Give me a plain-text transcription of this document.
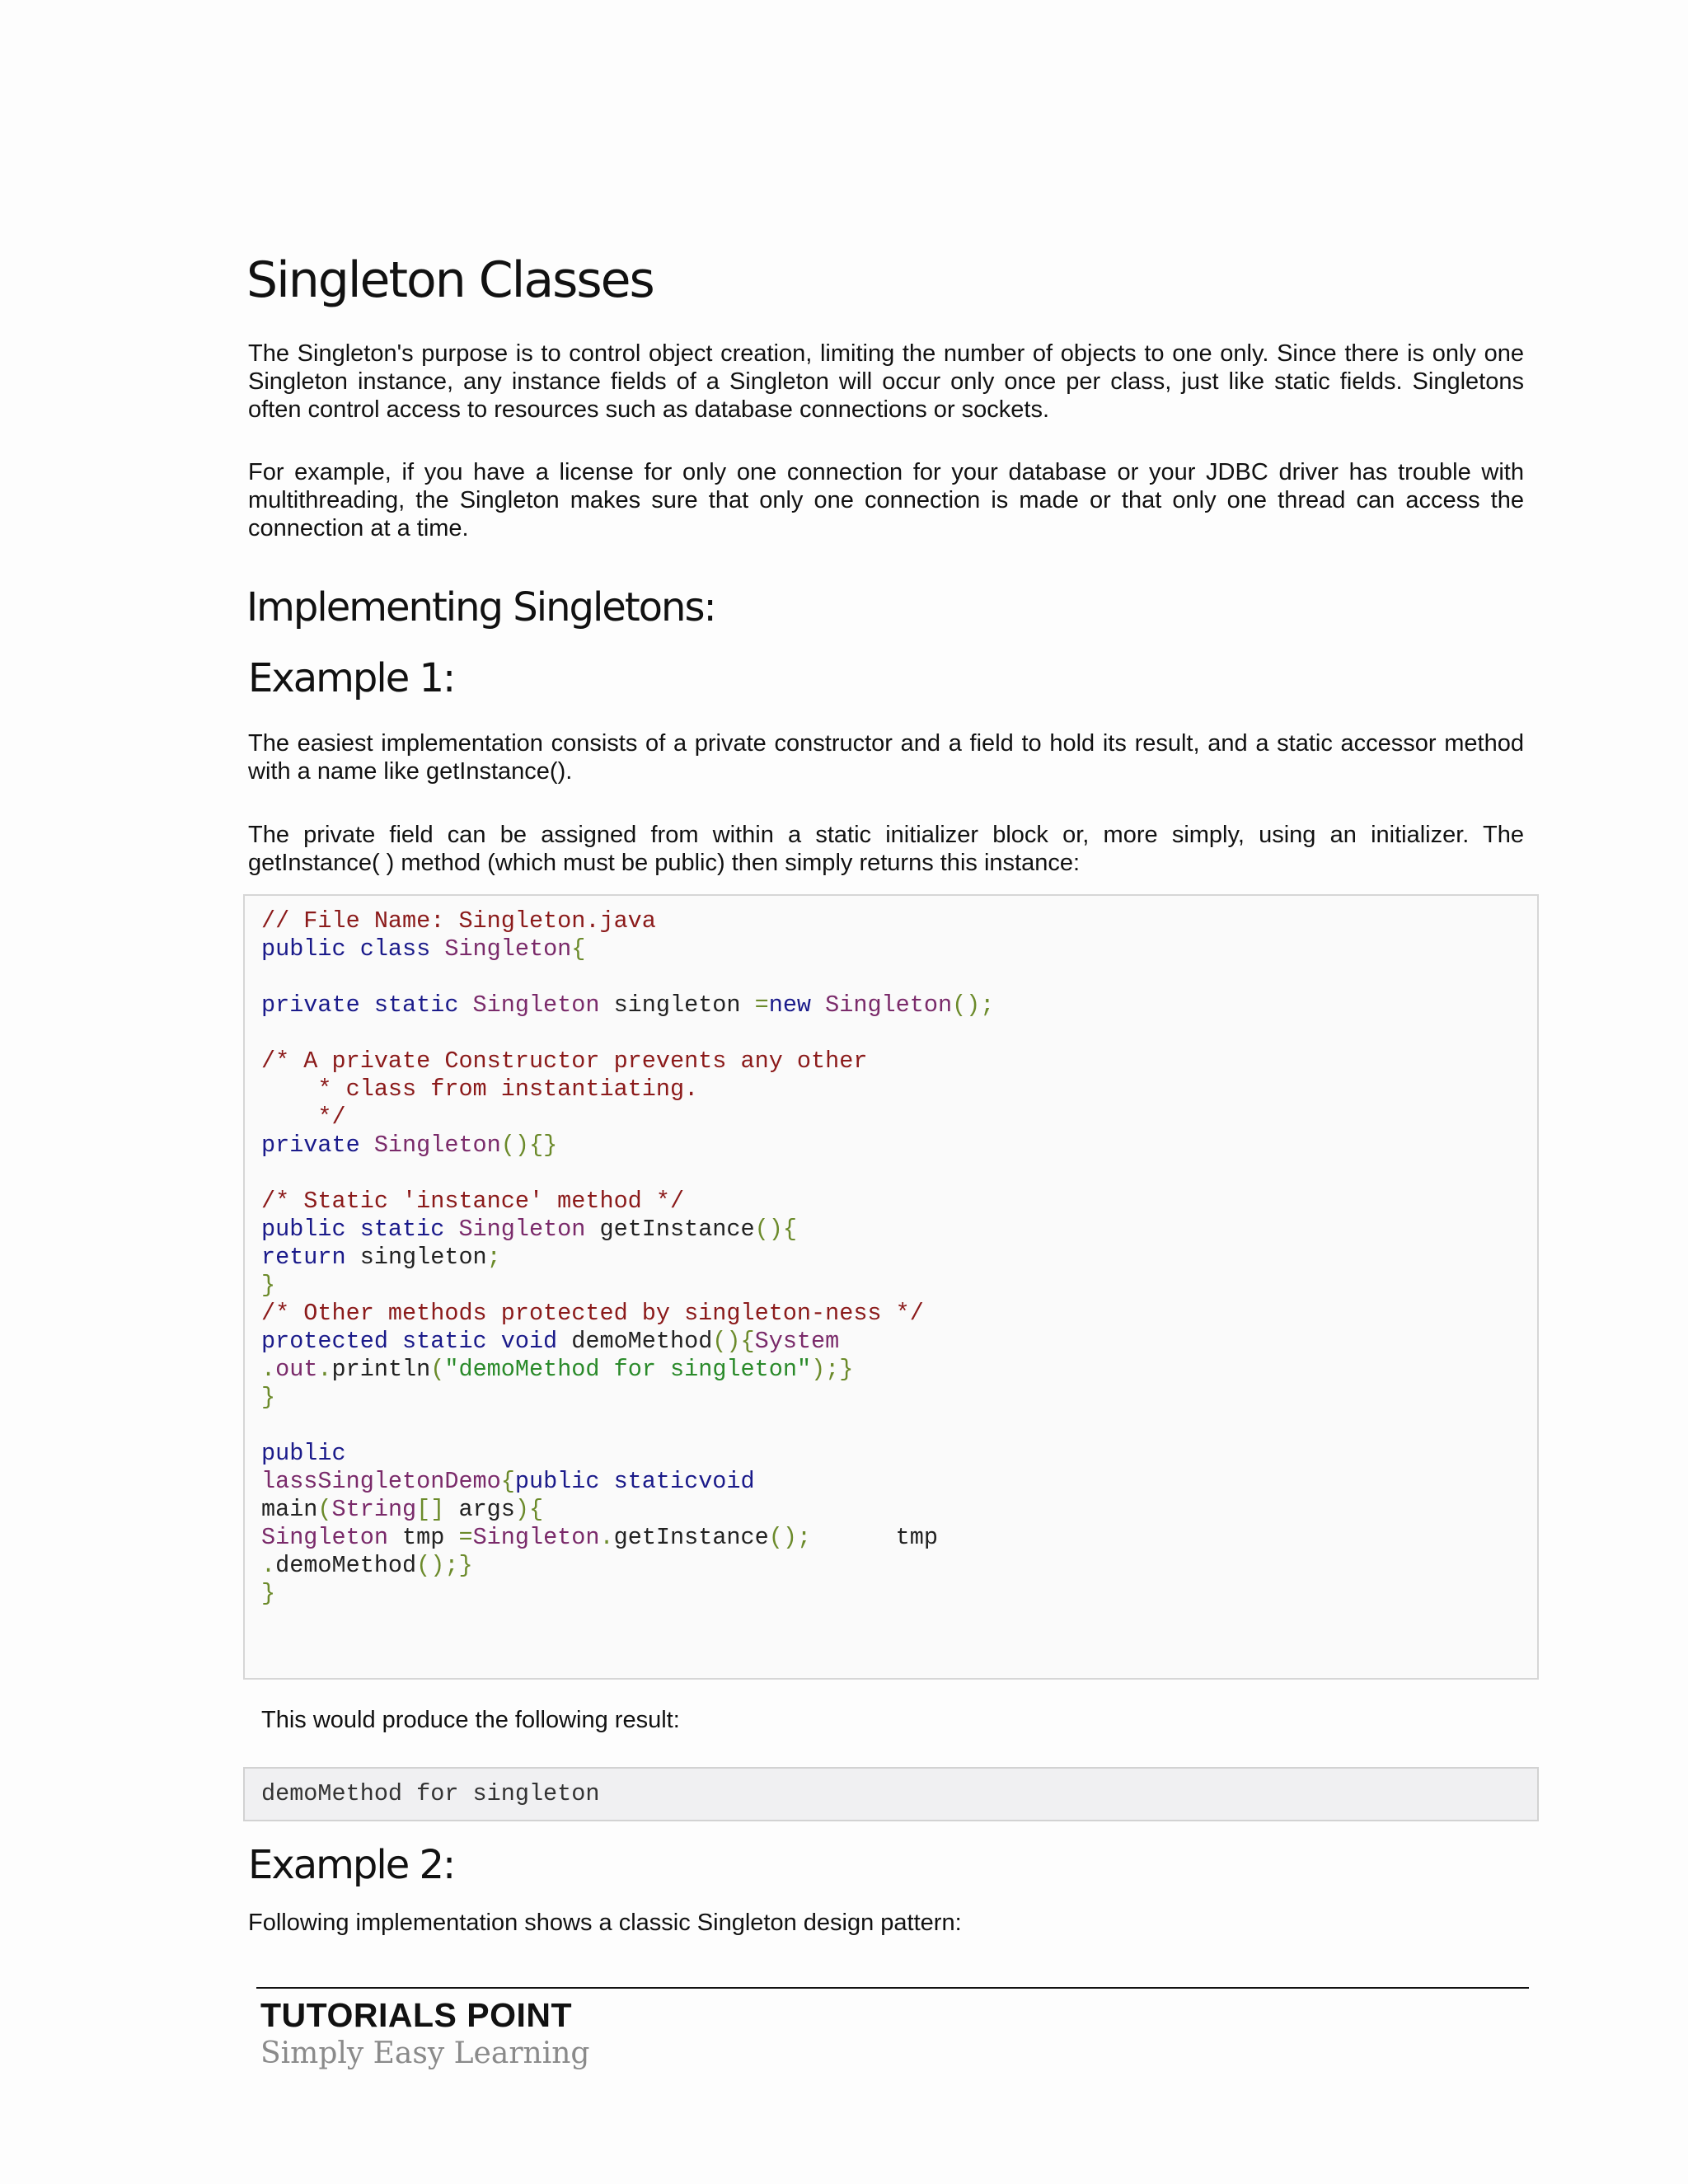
Singleton Classes

The Singleton's purpose is to control object creation, limiting the number of objects to one only. Since there is only one Singleton instance, any instance fields of a Singleton will occur only once per class, just like static fields. Singletons often control access to resources such as database connections or sockets.

For example, if you have a license for only one connection for your database or your JDBC driver has trouble with multithreading, the Singleton makes sure that only one connection is made or that only one thread can access the connection at a time.

Implementing Singletons:
Example 1:

The easiest implementation consists of a private constructor and a field to hold its result, and a static accessor method with a name like getInstance().

The private field can be assigned from within a static initializer block or, more simply, using an initializer. The getInstance( ) method (which must be public) then simply returns this instance:

// File Name: Singleton.java
public class Singleton{

private static Singleton singleton =new Singleton();

/* A private Constructor prevents any other
* class from instantiating.
*/
private Singleton(){}

/* Static 'instance' method */
public static Singleton getInstance(){
return singleton;
}
/* Other methods protected by singleton-ness */
protected static void demoMethod(){System
.out.println("demoMethod for singleton");}
}

public
lassSingletonDemo{public staticvoid
main(String[] args){
Singleton tmp =Singleton.getInstance();      tmp
.demoMethod();}
}

This would produce the following result:

demoMethod for singleton
Example 2:

Following implementation shows a classic Singleton design pattern:

TUTORIALS POINT
Simply Easy Learning
